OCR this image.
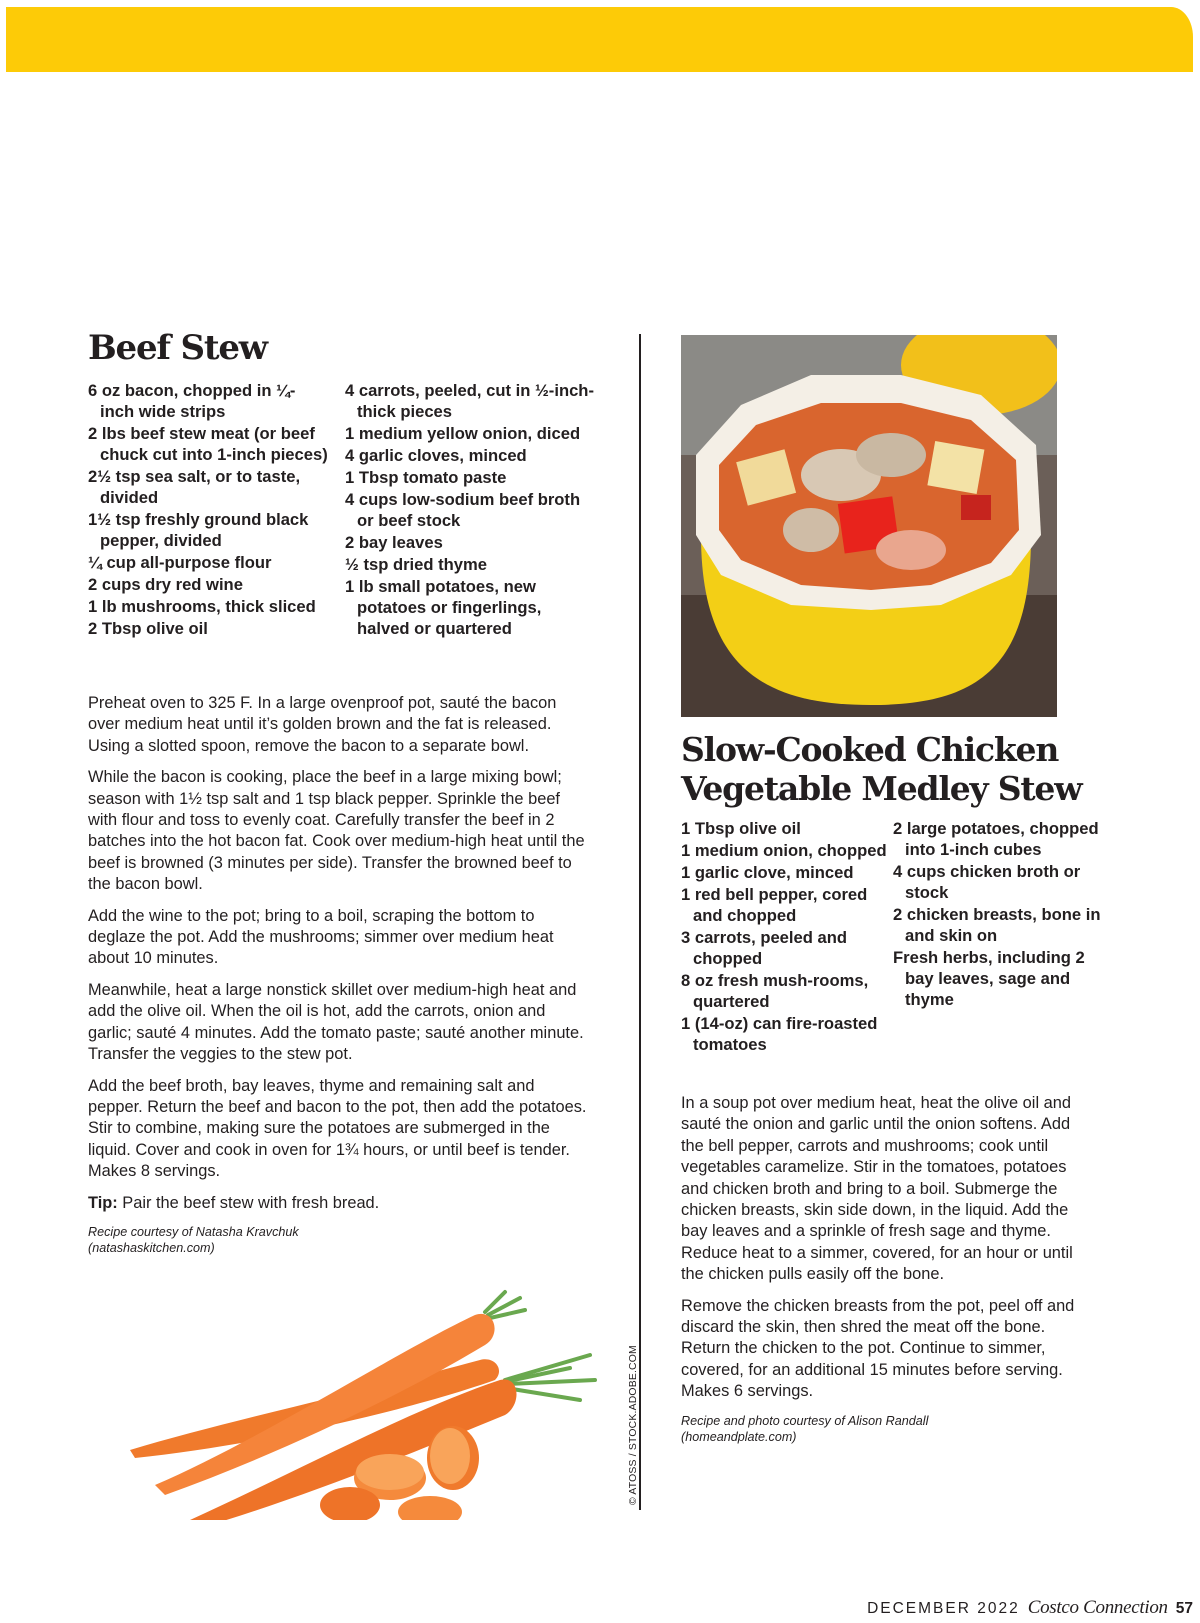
Beef Stew
6 oz bacon, chopped in ¼-inch wide strips
2 lbs beef stew meat (or beef chuck cut into 1-inch pieces)
2½ tsp sea salt, or to taste, divided
1½ tsp freshly ground black pepper, divided
¼ cup all-purpose flour
2 cups dry red wine
1 lb mushrooms, thick sliced
2 Tbsp olive oil
4 carrots, peeled, cut in ½-inch-thick pieces
1 medium yellow onion, diced
4 garlic cloves, minced
1 Tbsp tomato paste
4 cups low-sodium beef broth or beef stock
2 bay leaves
½ tsp dried thyme
1 lb small potatoes, new potatoes or fingerlings, halved or quartered

Preheat oven to 325 F. In a large ovenproof pot, sauté the bacon over medium heat until it’s golden brown and the fat is released. Using a slotted spoon, remove the bacon to a separate bowl.

While the bacon is cooking, place the beef in a large mixing bowl; season with 1½ tsp salt and 1 tsp black pepper. Sprinkle the beef with flour and toss to evenly coat. Carefully transfer the beef in 2 batches into the hot bacon fat. Cook over medium-high heat until the beef is browned (3 minutes per side). Transfer the browned beef to the bacon bowl.

Add the wine to the pot; bring to a boil, scraping the bottom to deglaze the pot. Add the mushrooms; simmer over medium heat about 10 minutes.

Meanwhile, heat a large nonstick skillet over medium-high heat and add the olive oil. When the oil is hot, add the carrots, onion and garlic; sauté 4 minutes. Add the tomato paste; sauté another minute. Transfer the veggies to the stew pot.

Add the beef broth, bay leaves, thyme and remaining salt and pepper. Return the beef and bacon to the pot, then add the potatoes. Stir to combine, making sure the potatoes are submerged in the liquid. Cover and cook in oven for 1¾ hours, or until beef is tender. Makes 8 servings.

Tip: Pair the beef stew with fresh bread.

Recipe courtesy of Natasha Kravchuk
(natashaskitchen.com)
© ATOSS / STOCK.ADOBE.COM
Slow-Cooked Chicken
Vegetable Medley Stew
1 Tbsp olive oil
1 medium onion, chopped
1 garlic clove, minced
1 red bell pepper, cored and chopped
3 carrots, peeled and chopped
8 oz fresh mush-rooms, quartered
1 (14-oz) can fire-roasted tomatoes
2 large potatoes, chopped into 1-inch cubes
4 cups chicken broth or stock
2 chicken breasts, bone in and skin on
Fresh herbs, including 2 bay leaves, sage and thyme

In a soup pot over medium heat, heat the olive oil and sauté the onion and garlic until the onion softens. Add the bell pepper, carrots and mushrooms; cook until vegetables caramelize. Stir in the tomatoes, potatoes and chicken broth and bring to a boil. Submerge the chicken breasts, skin side down, in the liquid. Add the bay leaves and a sprinkle of fresh sage and thyme. Reduce heat to a simmer, covered, for an hour or until the chicken pulls easily off the bone.

Remove the chicken breasts from the pot, peel off and discard the skin, then shred the meat off the bone. Return the chicken to the pot. Continue to simmer, covered, for an additional 15 minutes before serving. Makes 6 servings.

Recipe and photo courtesy of Alison Randall
(homeandplate.com)
DECEMBER 2022 Costco Connection 57
